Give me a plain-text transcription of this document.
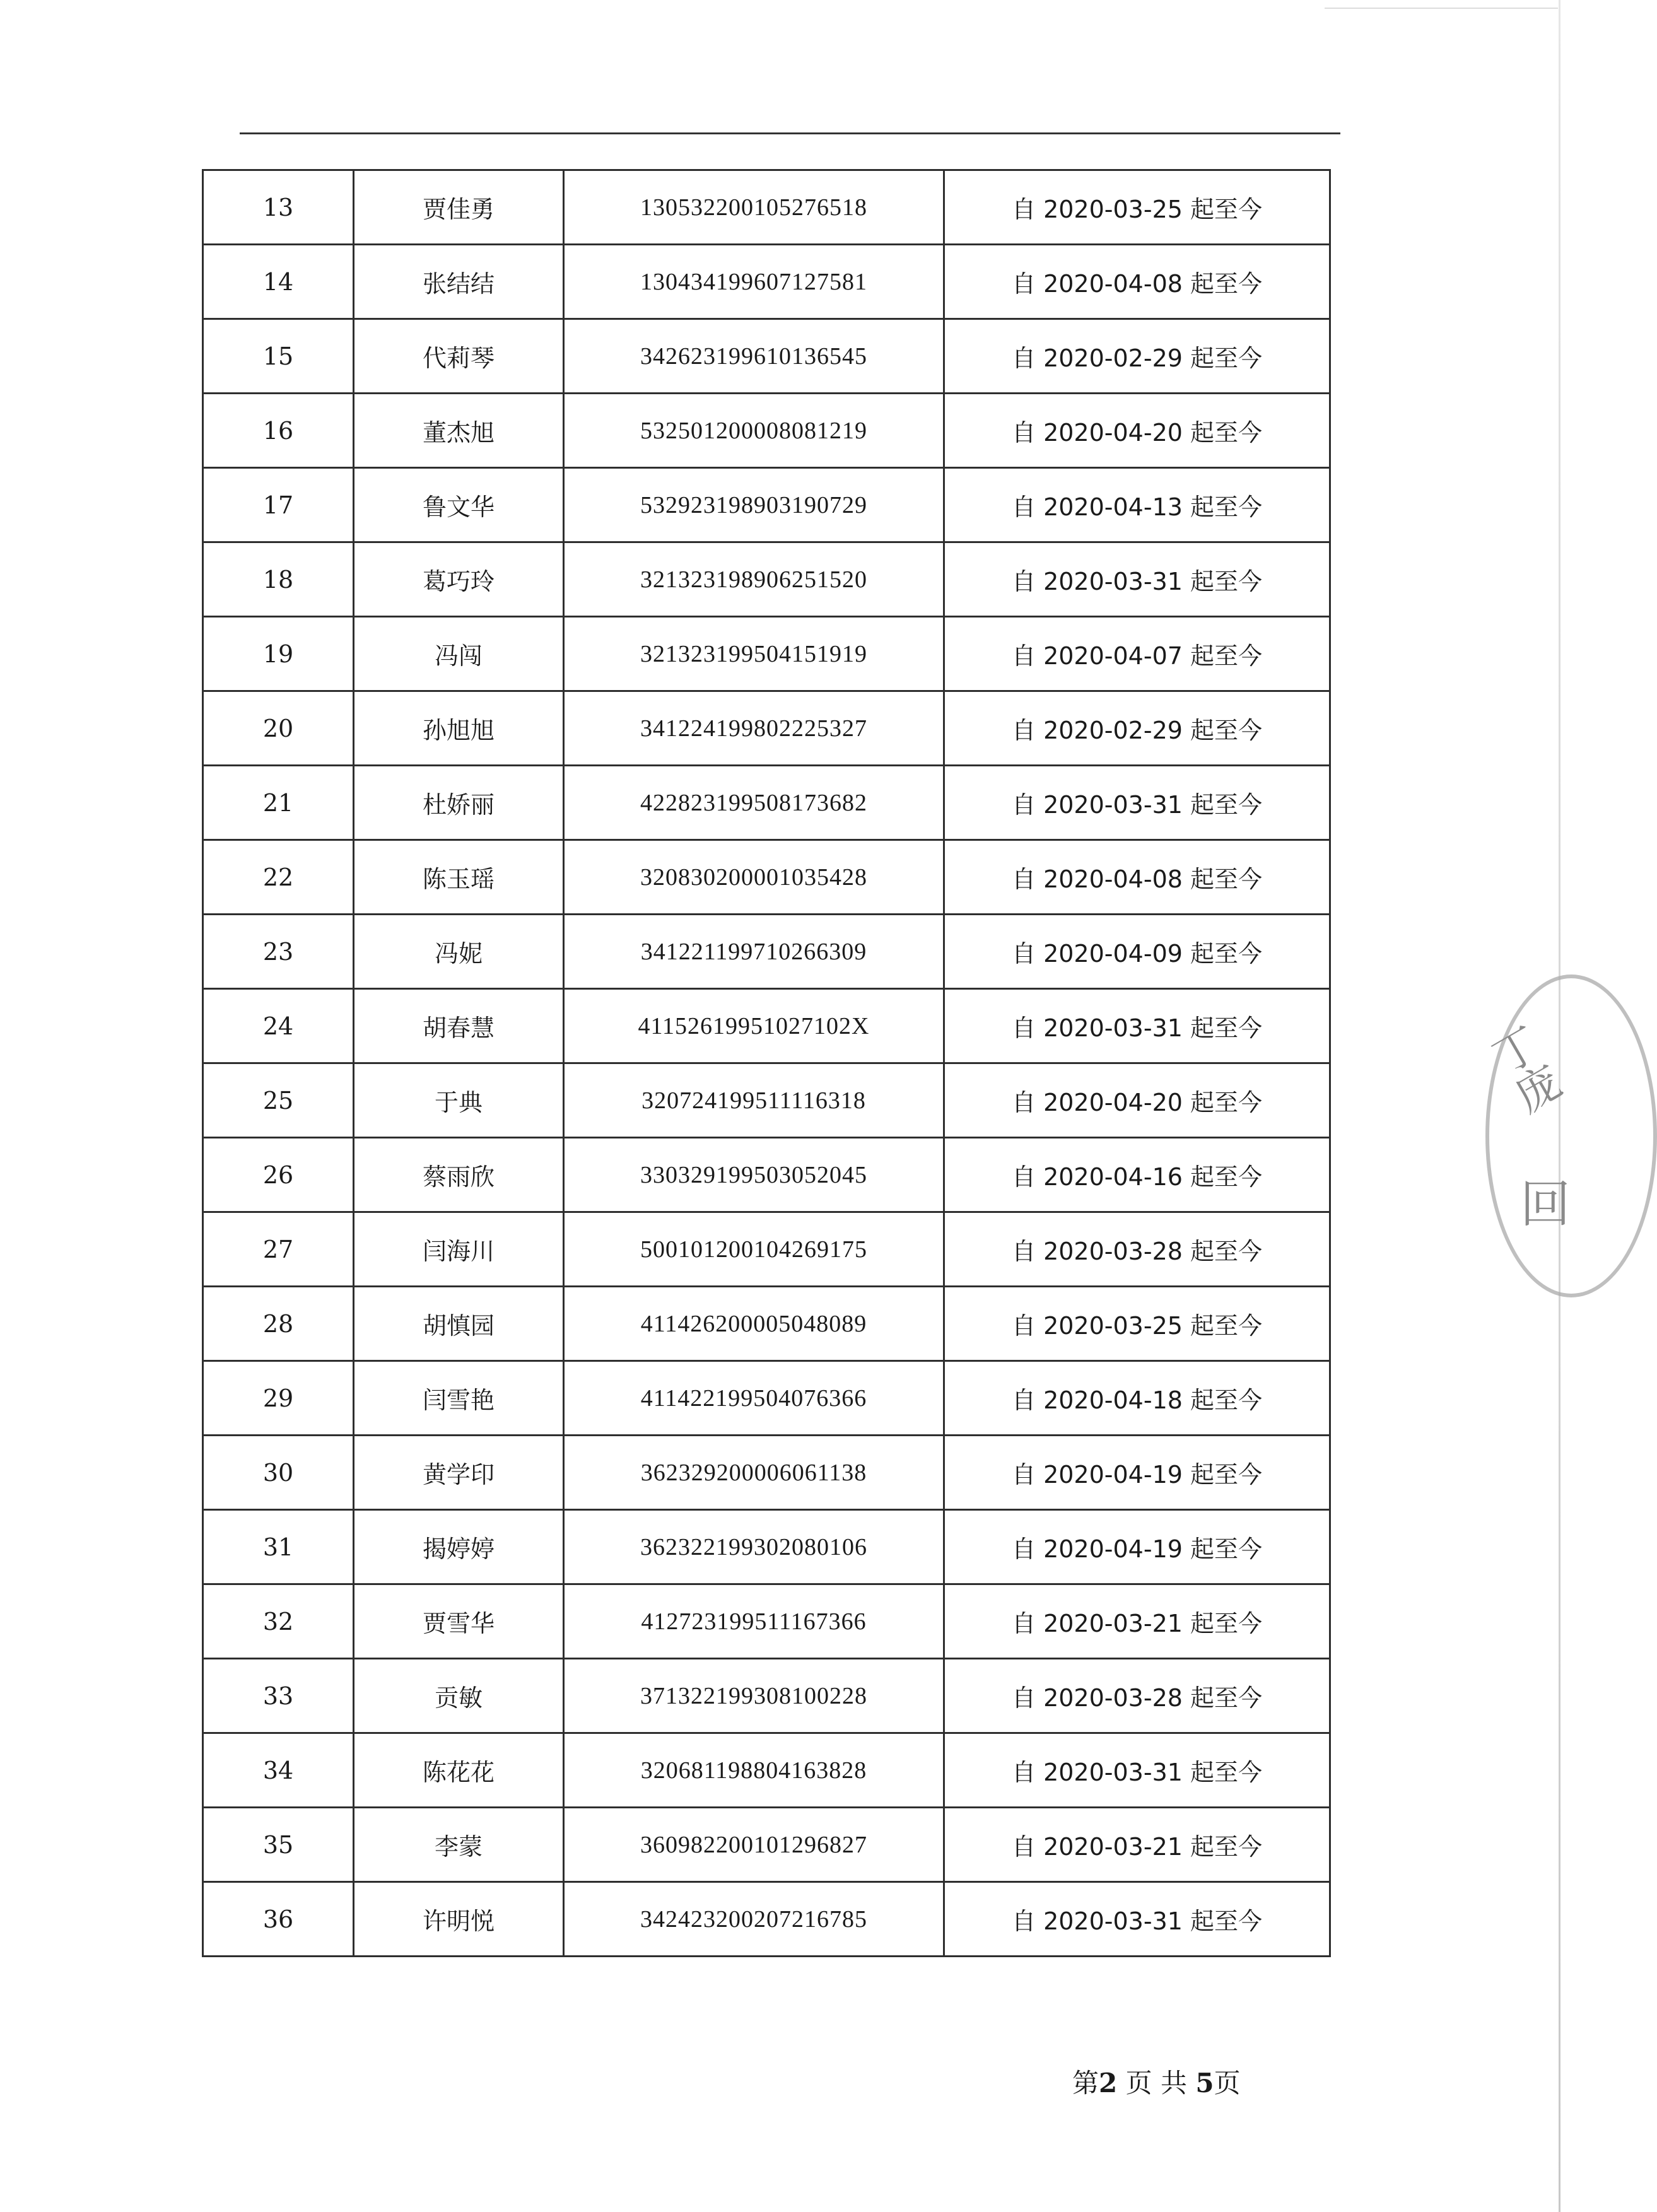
13	贾佳勇	130532200105276518	自 2020-03-25 起至今
14	张结结	130434199607127581	自 2020-04-08 起至今
15	代莉琴	342623199610136545	自 2020-02-29 起至今
16	董杰旭	532501200008081219	自 2020-04-20 起至今
17	鲁文华	532923198903190729	自 2020-04-13 起至今
18	葛巧玲	321323198906251520	自 2020-03-31 起至今
19	冯闯	321323199504151919	自 2020-04-07 起至今
20	孙旭旭	341224199802225327	自 2020-02-29 起至今
21	杜娇丽	422823199508173682	自 2020-03-31 起至今
22	陈玉瑶	320830200001035428	自 2020-04-08 起至今
23	冯妮	341221199710266309	自 2020-04-09 起至今
24	胡春慧	41152619951027102X	自 2020-03-31 起至今
25	于典	320724199511116318	自 2020-04-20 起至今
26	蔡雨欣	330329199503052045	自 2020-04-16 起至今
27	闫海川	500101200104269175	自 2020-03-28 起至今
28	胡慎园	411426200005048089	自 2020-03-25 起至今
29	闫雪艳	411422199504076366	自 2020-04-18 起至今
30	黄学印	362329200006061138	自 2020-04-19 起至今
31	揭婷婷	362322199302080106	自 2020-04-19 起至今
32	贾雪华	412723199511167366	自 2020-03-21 起至今
33	贡敏	371322199308100228	自 2020-03-28 起至今
34	陈花花	320681198804163828	自 2020-03-31 起至今
35	李蒙	360982200101296827	自 2020-03-21 起至今
36	许明悦	342423200207216785	自 2020-03-31 起至今
丁庞
回
第2 页 共 5页
